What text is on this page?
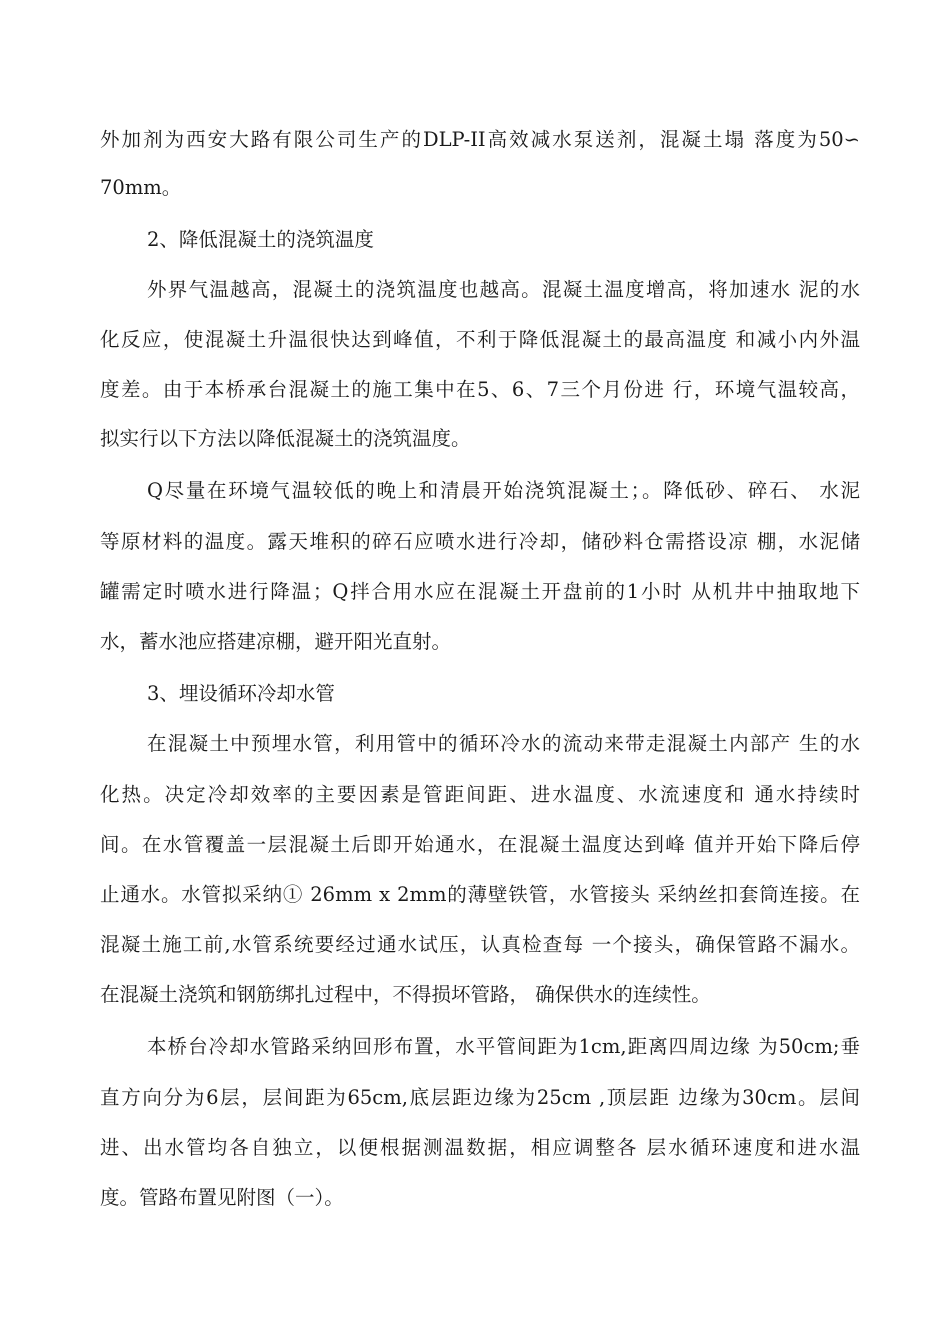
外加剂为西安大路有限公司生产的DLP-II高效减水泵送剂，混凝土塌 落度为50∽
70mm。
2、降低混凝土的浇筑温度
外界气温越高，混凝土的浇筑温度也越高。混凝土温度增高，将加速水 泥的水
化反应，使混凝土升温很快达到峰值，不利于降低混凝土的最高温度 和减小内外温
度差。由于本桥承台混凝土的施工集中在5、6、7三个月份进 行，环境气温较高，
拟实行以下方法以降低混凝土的浇筑温度。
Q尽量在环境气温较低的晚上和清晨开始浇筑混凝土；。降低砂、碎石、 水泥
等原材料的温度。露天堆积的碎石应喷水进行冷却，储砂料仓需搭设凉 棚，水泥储
罐需定时喷水进行降温；Q拌合用水应在混凝土开盘前的1小时 从机井中抽取地下
水，蓄水池应搭建凉棚，避开阳光直射。
3、埋设循环冷却水管
在混凝土中预埋水管，利用管中的循环冷水的流动来带走混凝土内部产 生的水
化热。决定冷却效率的主要因素是管距间距、进水温度、水流速度和 通水持续时
间。在水管覆盖一层混凝土后即开始通水，在混凝土温度达到峰 值并开始下降后停
止通水。水管拟采纳① 26mm x 2mm的薄壁铁管，水管接头 采纳丝扣套筒连接。在
混凝土施工前,水管系统要经过通水试压，认真检查每 一个接头，确保管路不漏水。
在混凝土浇筑和钢筋绑扎过程中，不得损坏管路， 确保供水的连续性。
本桥台冷却水管路采纳回形布置，水平管间距为1cm,距离四周边缘 为50cm;垂
直方向分为6层，层间距为65cm,底层距边缘为25cm ,顶层距 边缘为30cm。层间
进、出水管均各自独立，以便根据测温数据，相应调整各 层水循环速度和进水温
度。管路布置见附图（一）。
